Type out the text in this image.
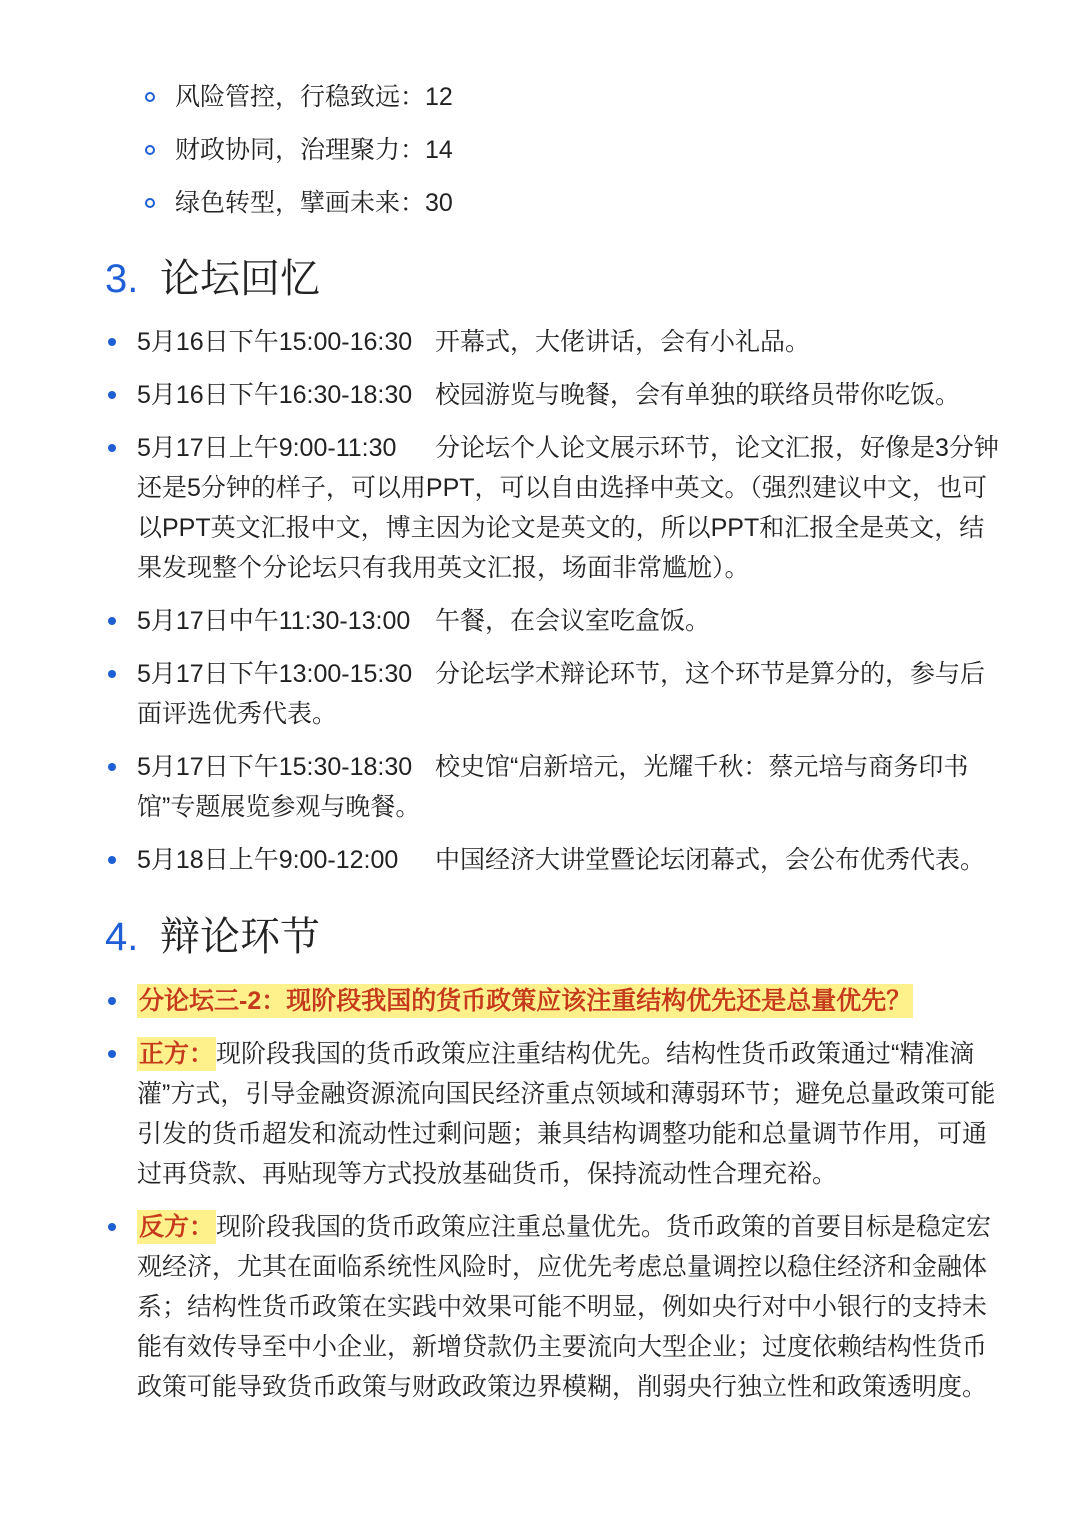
风险管控，行稳致远：12
财政协同，治理聚力：14
绿色转型，擘画未来：30
3. 论坛回忆
5月16日下午15:00-16:30 开幕式，大佬讲话，会有小礼品。
5月16日下午16:30-18:30 校园游览与晚餐，会有单独的联络员带你吃饭。
5月17日上午9:00-11:30 分论坛个人论文展示环节，论文汇报，好像是3分钟还是5分钟的样子，可以用PPT，可以自由选择中英文。（强烈建议中文，也可以PPT英文汇报中文，博主因为论文是英文的，所以PPT和汇报全是英文，结果发现整个分论坛只有我用英文汇报，场面非常尴尬）。
5月17日中午11:30-13:00 午餐，在会议室吃盒饭。
5月17日下午13:00-15:30 分论坛学术辩论环节，这个环节是算分的，参与后面评选优秀代表。
5月17日下午15:30-18:30 校史馆“启新培元，光耀千秋：蔡元培与商务印书馆”专题展览参观与晚餐。
5月18日上午9:00-12:00 中国经济大讲堂暨论坛闭幕式，会公布优秀代表。
4. 辩论环节
分论坛三-2：现阶段我国的货币政策应该注重结构优先还是总量优先？
正方：现阶段我国的货币政策应注重结构优先。结构性货币政策通过“精准滴灌”方式，引导金融资源流向国民经济重点领域和薄弱环节；避免总量政策可能引发的货币超发和流动性过剩问题；兼具结构调整功能和总量调节作用，可通过再贷款、再贴现等方式投放基础货币，保持流动性合理充裕。
反方：现阶段我国的货币政策应注重总量优先。货币政策的首要目标是稳定宏观经济，尤其在面临系统性风险时，应优先考虑总量调控以稳住经济和金融体系；结构性货币政策在实践中效果可能不明显，例如央行对中小银行的支持未能有效传导至中小企业，新增贷款仍主要流向大型企业；过度依赖结构性货币政策可能导致货币政策与财政政策边界模糊，削弱央行独立性和政策透明度。
